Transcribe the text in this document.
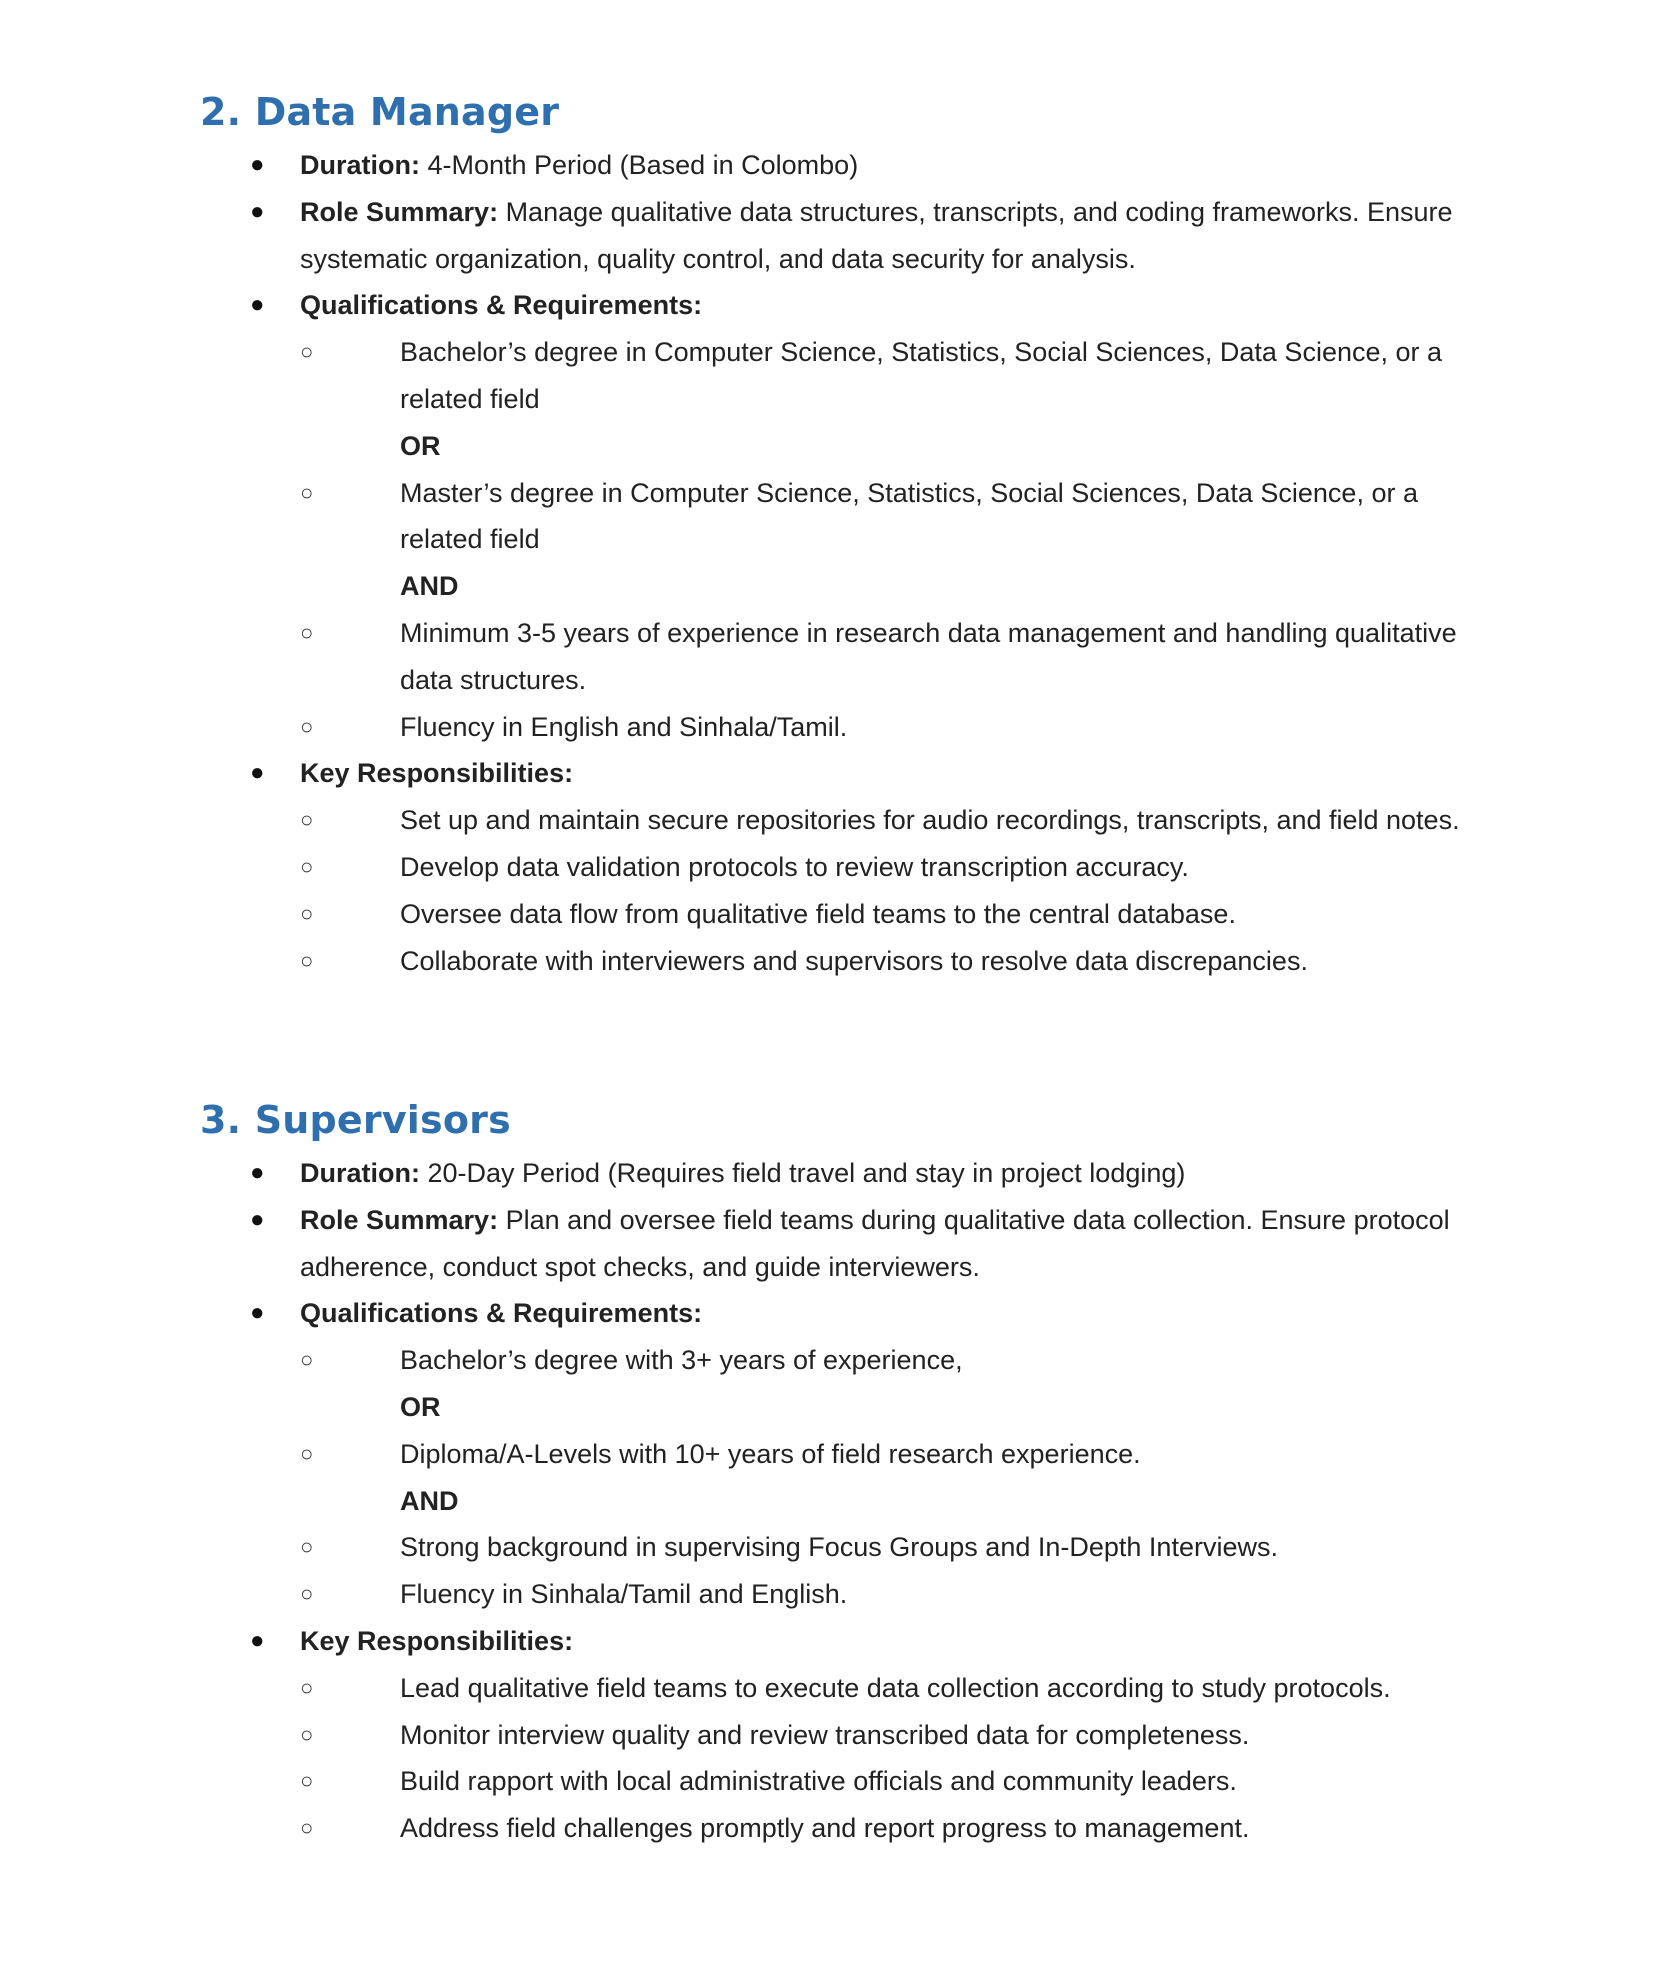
2. Data Manager
●	Duration: 4-Month Period (Based in Colombo)
●	Role Summary: Manage qualitative data structures, transcripts, and coding frameworks. Ensure systematic organization, quality control, and data security for analysis.
●	Qualifications & Requirements:
○	Bachelor’s degree in Computer Science, Statistics, Social Sciences, Data Science, or a related field
OR
○	Master’s degree in Computer Science, Statistics, Social Sciences, Data Science, or a related field
AND
○	Minimum 3-5 years of experience in research data management and handling qualitative data structures.
○	Fluency in English and Sinhala/Tamil.
●	Key Responsibilities:
○	Set up and maintain secure repositories for audio recordings, transcripts, and field notes.
○	Develop data validation protocols to review transcription accuracy.
○	Oversee data flow from qualitative field teams to the central database.
○	Collaborate with interviewers and supervisors to resolve data discrepancies.
3. Supervisors
●	Duration: 20-Day Period (Requires field travel and stay in project lodging)
●	Role Summary: Plan and oversee field teams during qualitative data collection. Ensure protocol adherence, conduct spot checks, and guide interviewers.
●	Qualifications & Requirements:
○	Bachelor’s degree with 3+ years of experience,
OR
○	Diploma/A-Levels with 10+ years of field research experience.
AND
○	Strong background in supervising Focus Groups and In-Depth Interviews.
○	Fluency in Sinhala/Tamil and English.
●	Key Responsibilities:
○	Lead qualitative field teams to execute data collection according to study protocols.
○	Monitor interview quality and review transcribed data for completeness.
○	Build rapport with local administrative officials and community leaders.
○	Address field challenges promptly and report progress to management.
